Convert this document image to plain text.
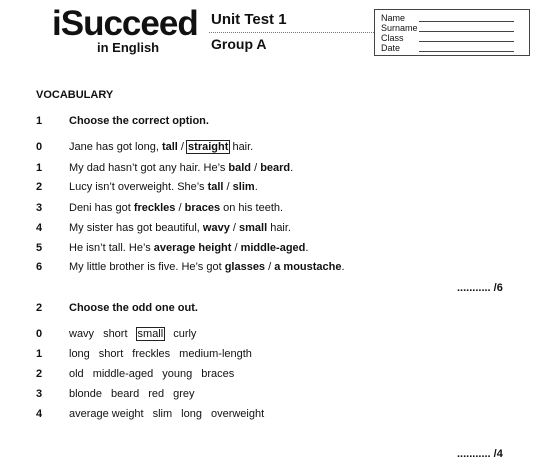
iSucceed
in English
Unit Test 1
Group A
Name
Surname
Class
Date
VOCABULARY
1 Choose the correct option.
0 Jane has got long, tall / straight hair.
1 My dad hasn’t got any hair. He’s bald / beard.
2 Lucy isn’t overweight. She’s tall / slim.
3 Deni has got freckles / braces on his teeth.
4 My sister has got beautiful, wavy / small hair.
5 He isn’t tall. He’s average height / middle-aged.
6 My little brother is five. He’s got glasses / a moustache.
........... /6
2 Choose the odd one out.
0 wavy short small curly
1 long short freckles medium-length
2 old middle-aged young braces
3 blonde beard red grey
4 average weight slim long overweight
........... /4
